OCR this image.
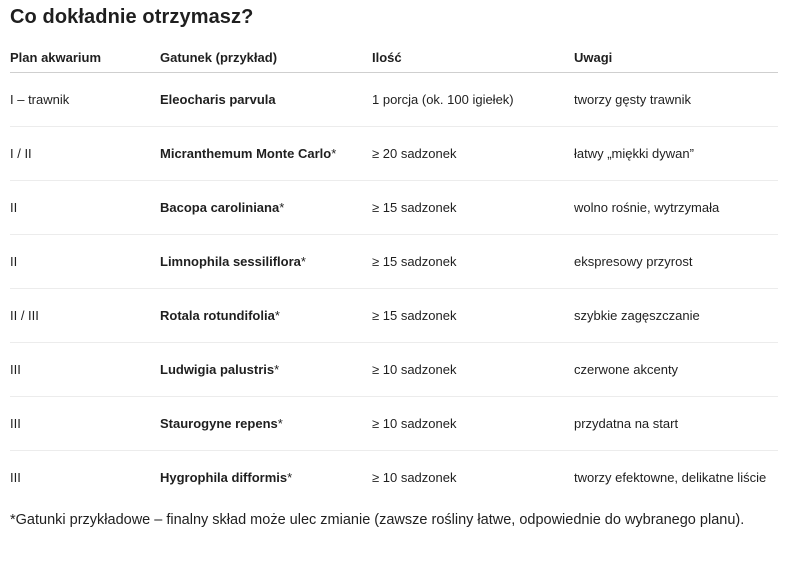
Co dokładnie otrzymasz?
Plan akwarium	Gatunek (przykład)	Ilość	Uwagi
I – trawnik	Eleocharis parvula	1 porcja (ok. 100 igiełek)	tworzy gęsty trawnik
I / II	Micranthemum Monte Carlo*	≥ 20 sadzonek	łatwy „miękki dywan”
II	Bacopa caroliniana*	≥ 15 sadzonek	wolno rośnie, wytrzymała
II	Limnophila sessiliflora*	≥ 15 sadzonek	ekspresowy przyrost
II / III	Rotala rotundifolia*	≥ 15 sadzonek	szybkie zagęszczanie
III	Ludwigia palustris*	≥ 10 sadzonek	czerwone akcenty
III	Staurogyne repens*	≥ 10 sadzonek	przydatna na start
III	Hygrophila difformis*	≥ 10 sadzonek	tworzy efektowne, delikatne liście

*Gatunki przykładowe – finalny skład może ulec zmianie (zawsze rośliny łatwe, odpowiednie do wybranego planu).
